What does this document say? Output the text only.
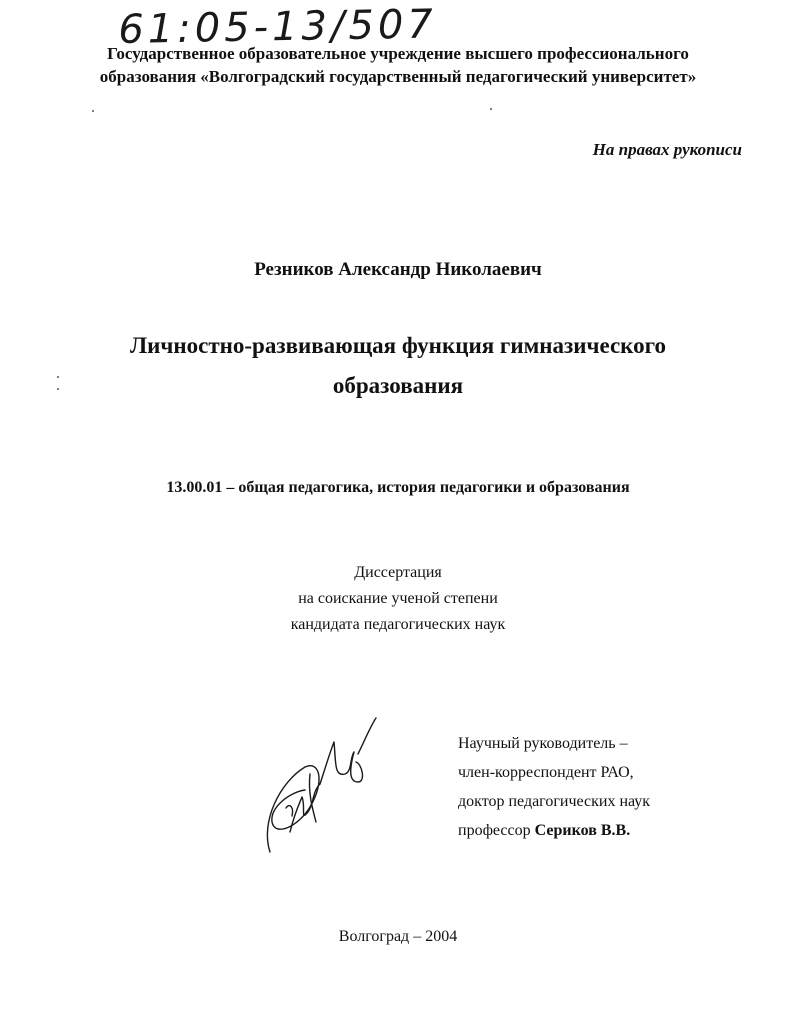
61:05-13/507
Государственное образовательное учреждение высшего профессионального
образования «Волгоградский государственный педагогический университет»
На правах рукописи
Резников Александр Николаевич
Личностно-развивающая функция гимназического
образования
13.00.01 – общая педагогика, история педагогики и образования
Диссертация
на соискание ученой степени
кандидата педагогических наук
Научный руководитель –
член-корреспондент РАО,
доктор педагогических наук
профессор Сериков В.В.
Волгоград – 2004
